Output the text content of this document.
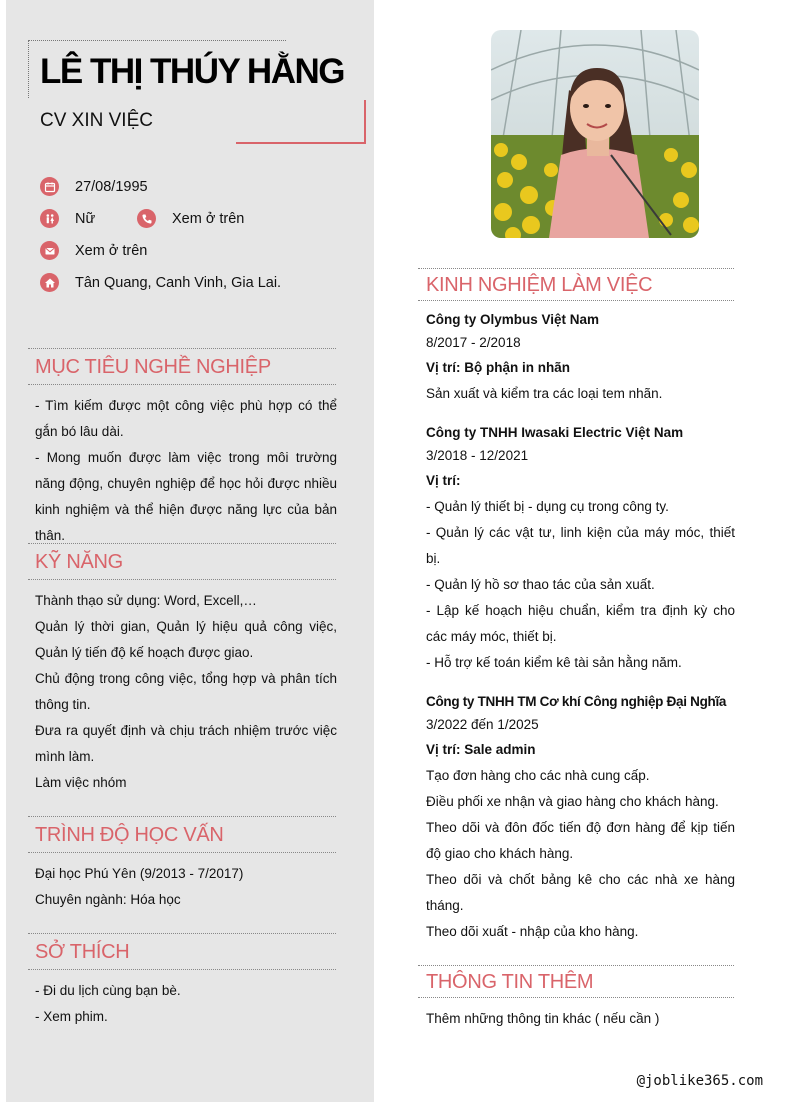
LÊ THỊ THÚY HẰNG
CV XIN VIỆC
27/08/1995
Nữ	Xem ở trên
Xem ở trên
Tân Quang, Canh Vinh, Gia Lai.
MỤC TIÊU NGHỀ NGHIỆP
- Tìm kiếm được một công việc phù hợp có thể gắn bó lâu dài.
- Mong muốn được làm việc trong môi trường năng động, chuyên nghiệp để học hỏi được nhiều kinh nghiệm và thể hiện được năng lực của bản thân.
KỸ NĂNG
Thành thạo sử dụng: Word, Excell,…
Quản lý thời gian, Quản lý hiệu quả công việc, Quản lý tiến độ kế hoạch được giao.
Chủ động trong công việc, tổng hợp và phân tích thông tin.
Đưa ra quyết định và chịu trách nhiệm trước việc mình làm.
Làm việc nhóm
TRÌNH ĐỘ HỌC VẤN
Đại học Phú Yên (9/2013 - 7/2017)
Chuyên ngành: Hóa học
SỞ THÍCH
- Đi du lịch cùng bạn bè.
- Xem phim.
KINH NGHIỆM LÀM VIỆC
Công ty Olymbus Việt Nam
8/2017 - 2/2018
Vị trí: Bộ phận in nhãn
Sản xuất và kiểm tra các loại tem nhãn.
Công ty TNHH Iwasaki Electric Việt Nam
3/2018 - 12/2021
Vị trí:
- Quản lý thiết bị - dụng cụ trong công ty.
- Quản lý các vật tư, linh kiện của máy móc, thiết bị.
- Quản lý hồ sơ thao tác của sản xuất.
- Lập kế hoạch hiệu chuẩn, kiểm tra định kỳ cho các máy móc, thiết bị.
- Hỗ trợ kế toán kiểm kê tài sản hằng năm.
Công ty TNHH TM Cơ khí Công nghiệp Đại Nghĩa
3/2022 đến 1/2025
Vị trí: Sale admin
Tạo đơn hàng cho các nhà cung cấp.
Điều phối xe nhận và giao hàng cho khách hàng.
Theo dõi và đôn đốc tiến độ đơn hàng để kịp tiến độ giao cho khách hàng.
Theo dõi và chốt bảng kê cho các nhà xe hàng tháng.
Theo dõi xuất - nhập của kho hàng.
THÔNG TIN THÊM
Thêm những thông tin khác ( nếu cần )
@joblike365.com
